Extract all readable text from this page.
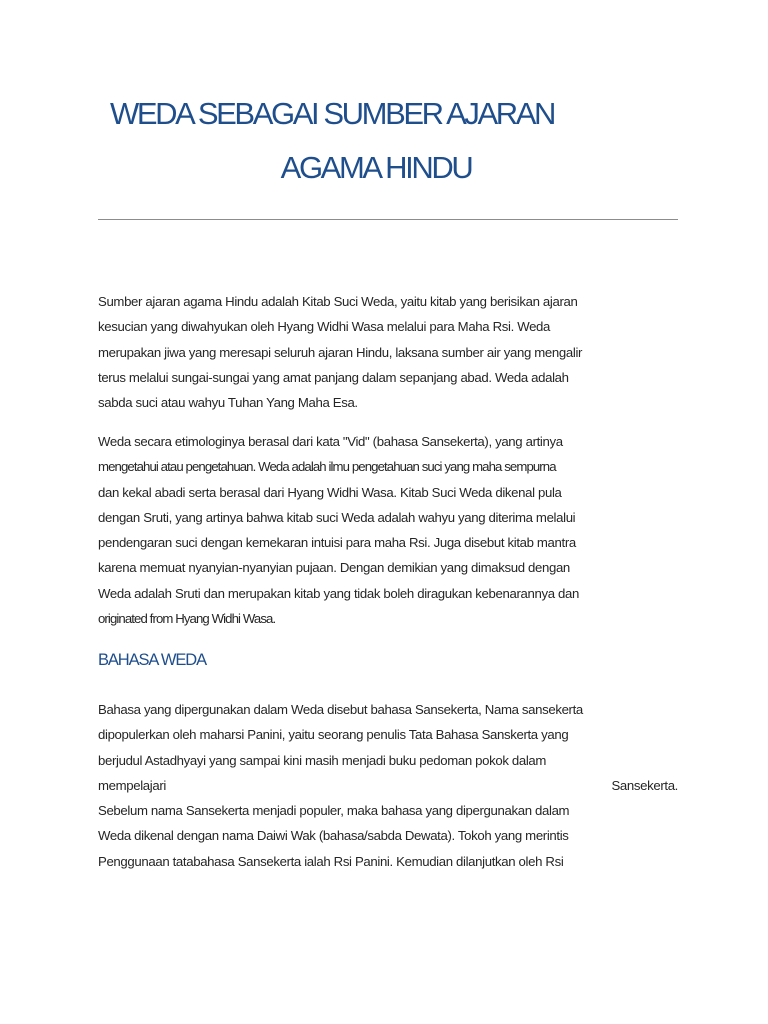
WEDA SEBAGAI SUMBER AJARAN
AGAMA HINDU

Sumber ajaran agama Hindu adalah Kitab Suci Weda, yaitu kitab yang berisikan ajaran
kesucian yang diwahyukan oleh Hyang Widhi Wasa melalui para Maha Rsi. Weda
merupakan jiwa yang meresapi seluruh ajaran Hindu, laksana sumber air yang mengalir
terus melalui sungai-sungai yang amat panjang dalam sepanjang abad. Weda adalah
sabda suci atau wahyu Tuhan Yang Maha Esa.

Weda secara etimologinya berasal dari kata "Vid" (bahasa Sansekerta), yang artinya
mengetahui atau pengetahuan. Weda adalah ilmu pengetahuan suci yang maha sempurna
dan kekal abadi serta berasal dari Hyang Widhi Wasa. Kitab Suci Weda dikenal pula
dengan Sruti, yang artinya bahwa kitab suci Weda adalah wahyu yang diterima melalui
pendengaran suci dengan kemekaran intuisi para maha Rsi. Juga disebut kitab mantra
karena memuat nyanyian-nyanyian pujaan. Dengan demikian yang dimaksud dengan
Weda adalah Sruti dan merupakan kitab yang tidak boleh diragukan kebenarannya dan
originated from Hyang Widhi Wasa.

BAHASA WEDA

Bahasa yang dipergunakan dalam Weda disebut bahasa Sansekerta, Nama sansekerta
dipopulerkan oleh maharsi Panini, yaitu seorang penulis Tata Bahasa Sanskerta yang
berjudul Astadhyayi yang sampai kini masih menjadi buku pedoman pokok dalam
mempelajari	Sansekerta.
Sebelum nama Sansekerta menjadi populer, maka bahasa yang dipergunakan dalam
Weda dikenal dengan nama Daiwi Wak (bahasa/sabda Dewata). Tokoh yang merintis
Penggunaan tatabahasa Sansekerta ialah Rsi Panini. Kemudian dilanjutkan oleh Rsi
